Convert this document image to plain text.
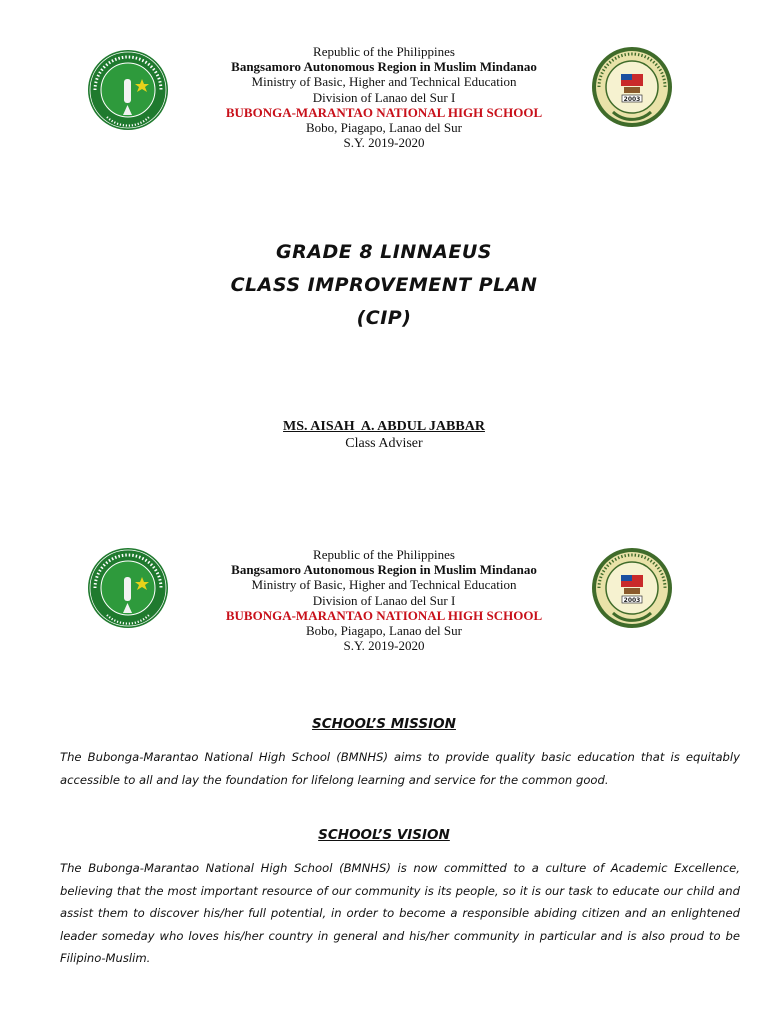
Republic of the Philippines
Bangsamoro Autonomous Region in Muslim Mindanao
Ministry of Basic, Higher and Technical Education
Division of Lanao del Sur I
BUBONGA-MARANTAO NATIONAL HIGH SCHOOL
Bobo, Piagapo, Lanao del Sur
S.Y. 2019-2020
2003
GRADE 8 LINNAEUS
CLASS IMPROVEMENT PLAN
(CIP)
MS. AISAH  A. ABDUL JABBAR
Class Adviser
Republic of the Philippines
Bangsamoro Autonomous Region in Muslim Mindanao
Ministry of Basic, Higher and Technical Education
Division of Lanao del Sur I
BUBONGA-MARANTAO NATIONAL HIGH SCHOOL
Bobo, Piagapo, Lanao del Sur
S.Y. 2019-2020
2003
SCHOOL’S MISSION
The Bubonga-Marantao National High School (BMNHS) aims to provide quality basic education that is equitably accessible to all and lay the foundation for lifelong learning and service for the common good.
SCHOOL’S VISION
The Bubonga-Marantao National High School (BMNHS) is now committed to a culture of Academic Excellence, believing that the most important resource of our community is its people, so it is our task to educate our child and assist them to discover his/her full potential, in order to become a responsible abiding citizen and an enlightened leader someday who loves his/her country in general and his/her community in particular and is also proud to be Filipino-Muslim.
